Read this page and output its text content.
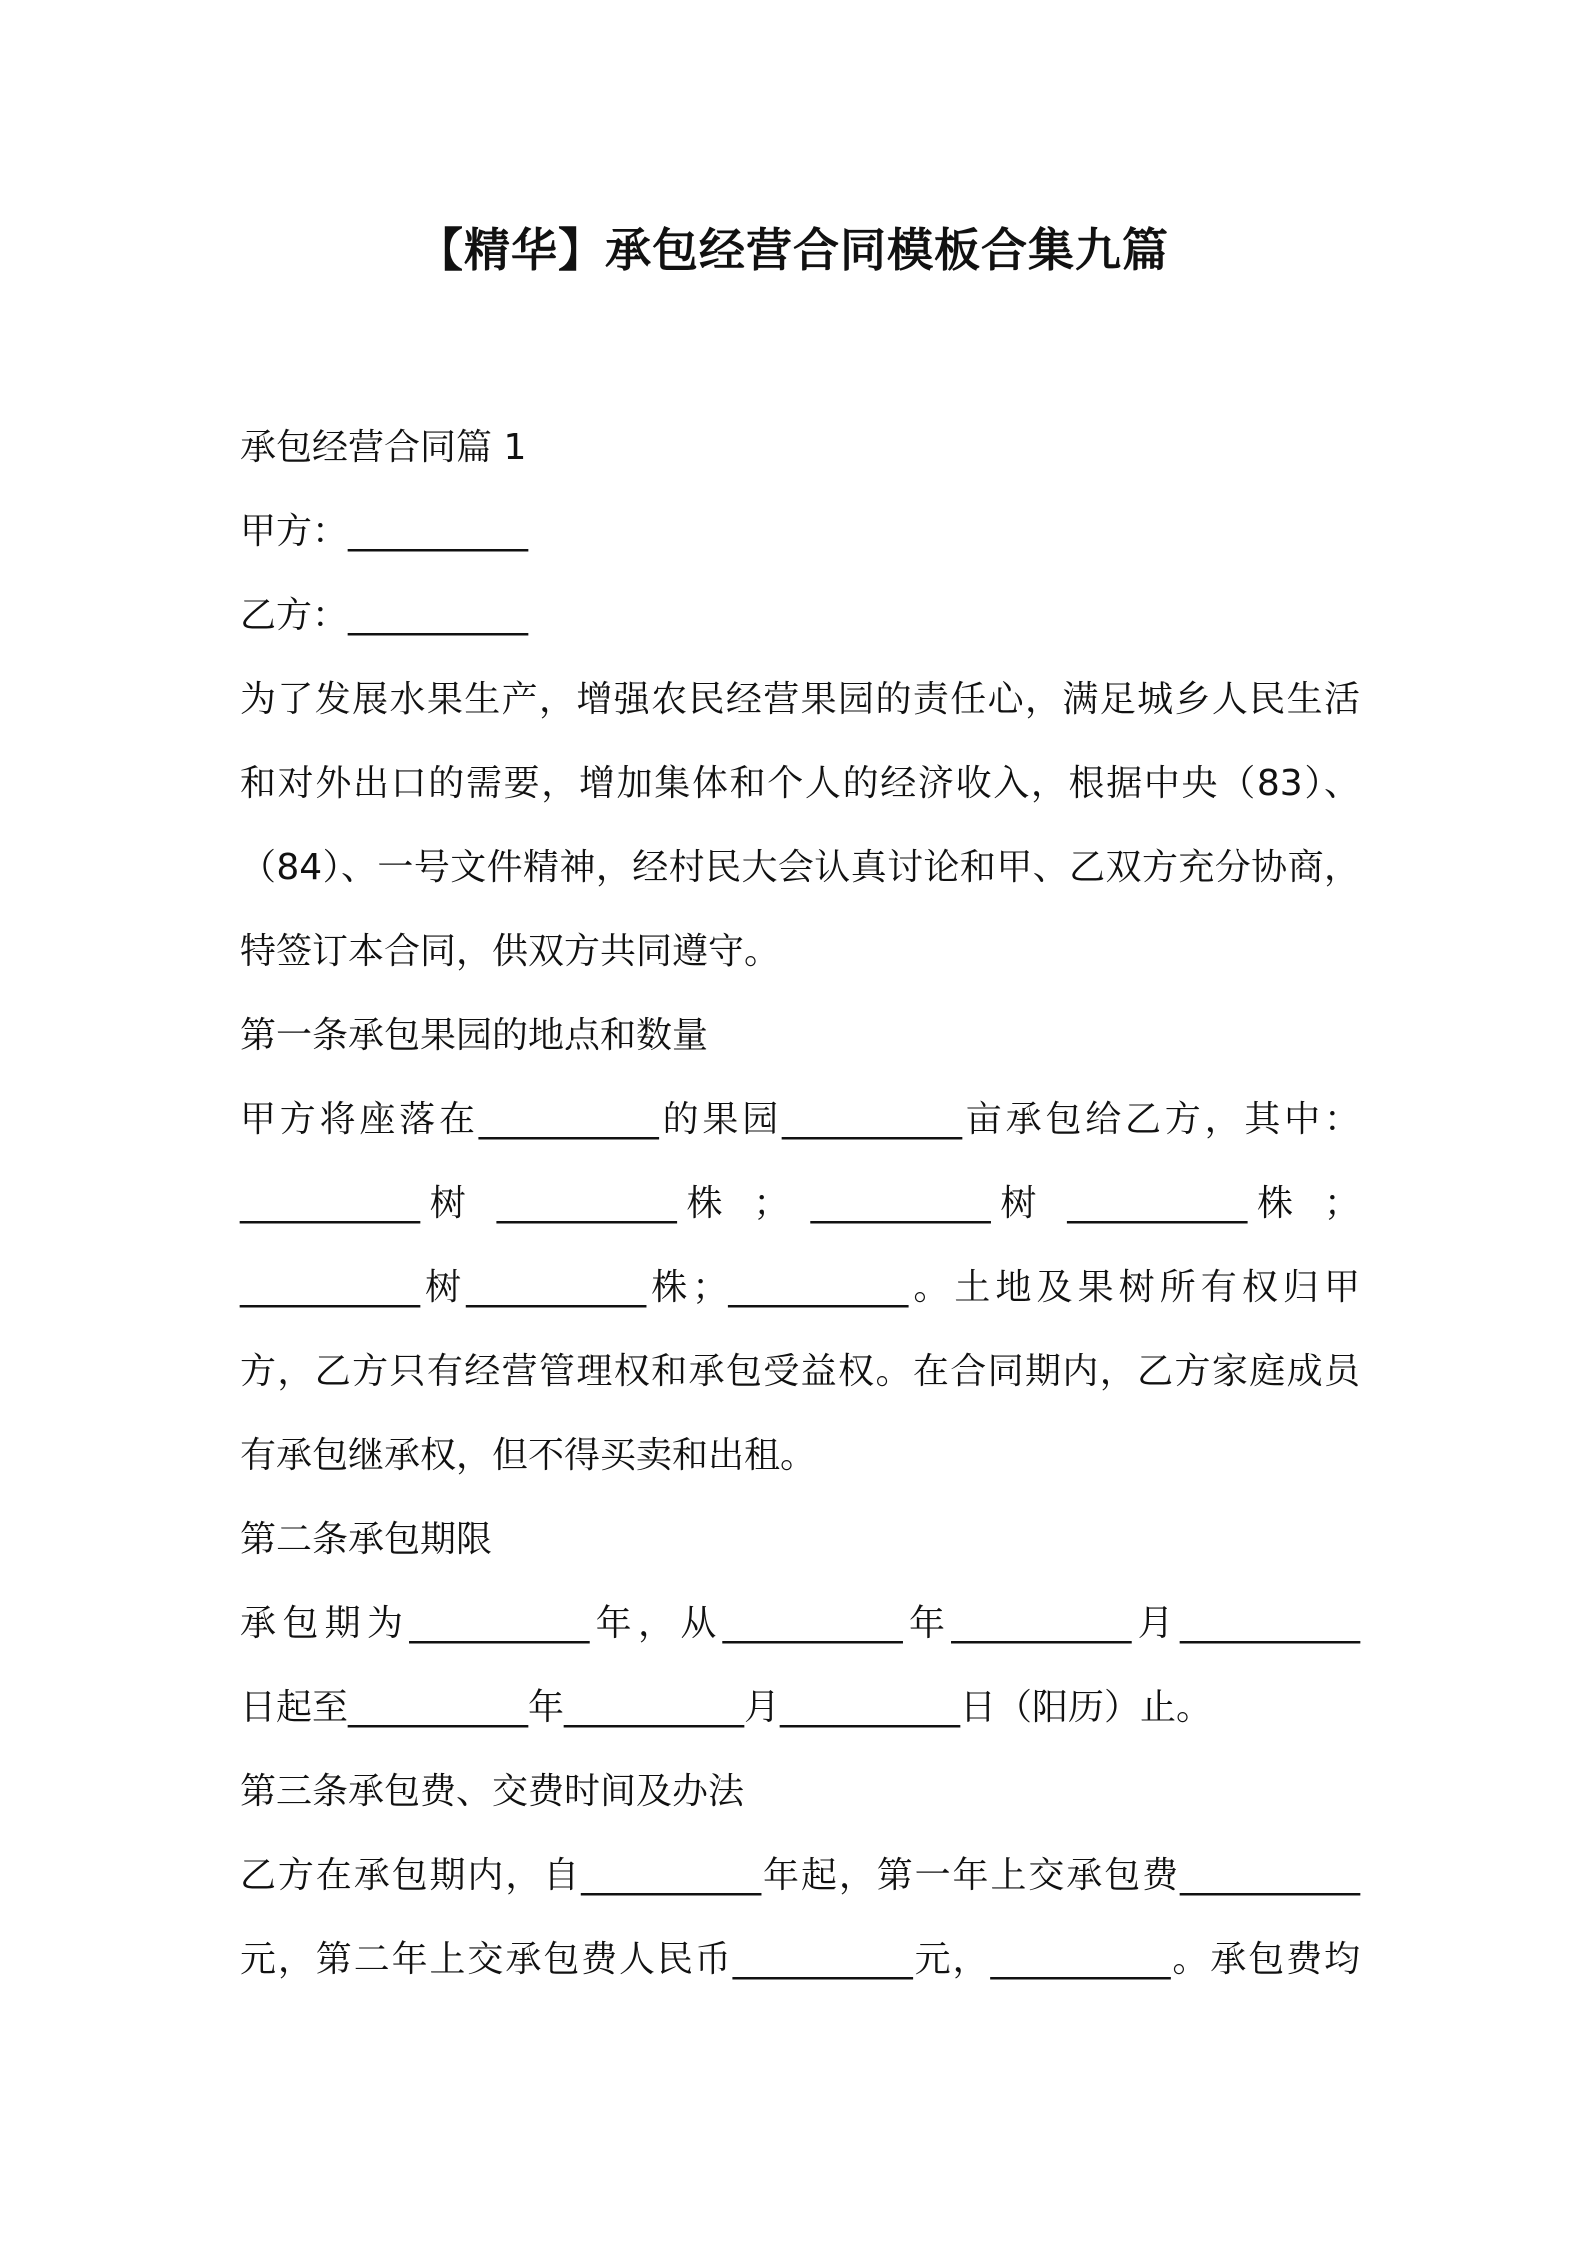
【精华】承包经营合同模板合集九篇

承包经营合同篇 1

甲方：__________

乙方：__________

为了发展水果生产，增强农民经营果园的责任心，满足城乡人民生活

和对外出口的需要，增加集体和个人的经济收入，根据中央（83）、

（84）、一号文件精神，经村民大会认真讨论和甲、乙双方充分协商，

特签订本合同，供双方共同遵守。

第一条承包果园的地点和数量

甲方将座落在__________的果园__________亩承包给乙方，其中：

__________树 __________株 ； __________树 __________株 ；

__________树__________株；__________。土地及果树所有权归甲

方，乙方只有经营管理权和承包受益权。在合同期内，乙方家庭成员

有承包继承权，但不得买卖和出租。

第二条承包期限

承包期为__________年，从__________年__________月__________

日起至__________年__________月__________日（阳历）止。

第三条承包费、交费时间及办法

乙方在承包期内，自__________年起，第一年上交承包费__________

元，第二年上交承包费人民币__________元，__________。承包费均
